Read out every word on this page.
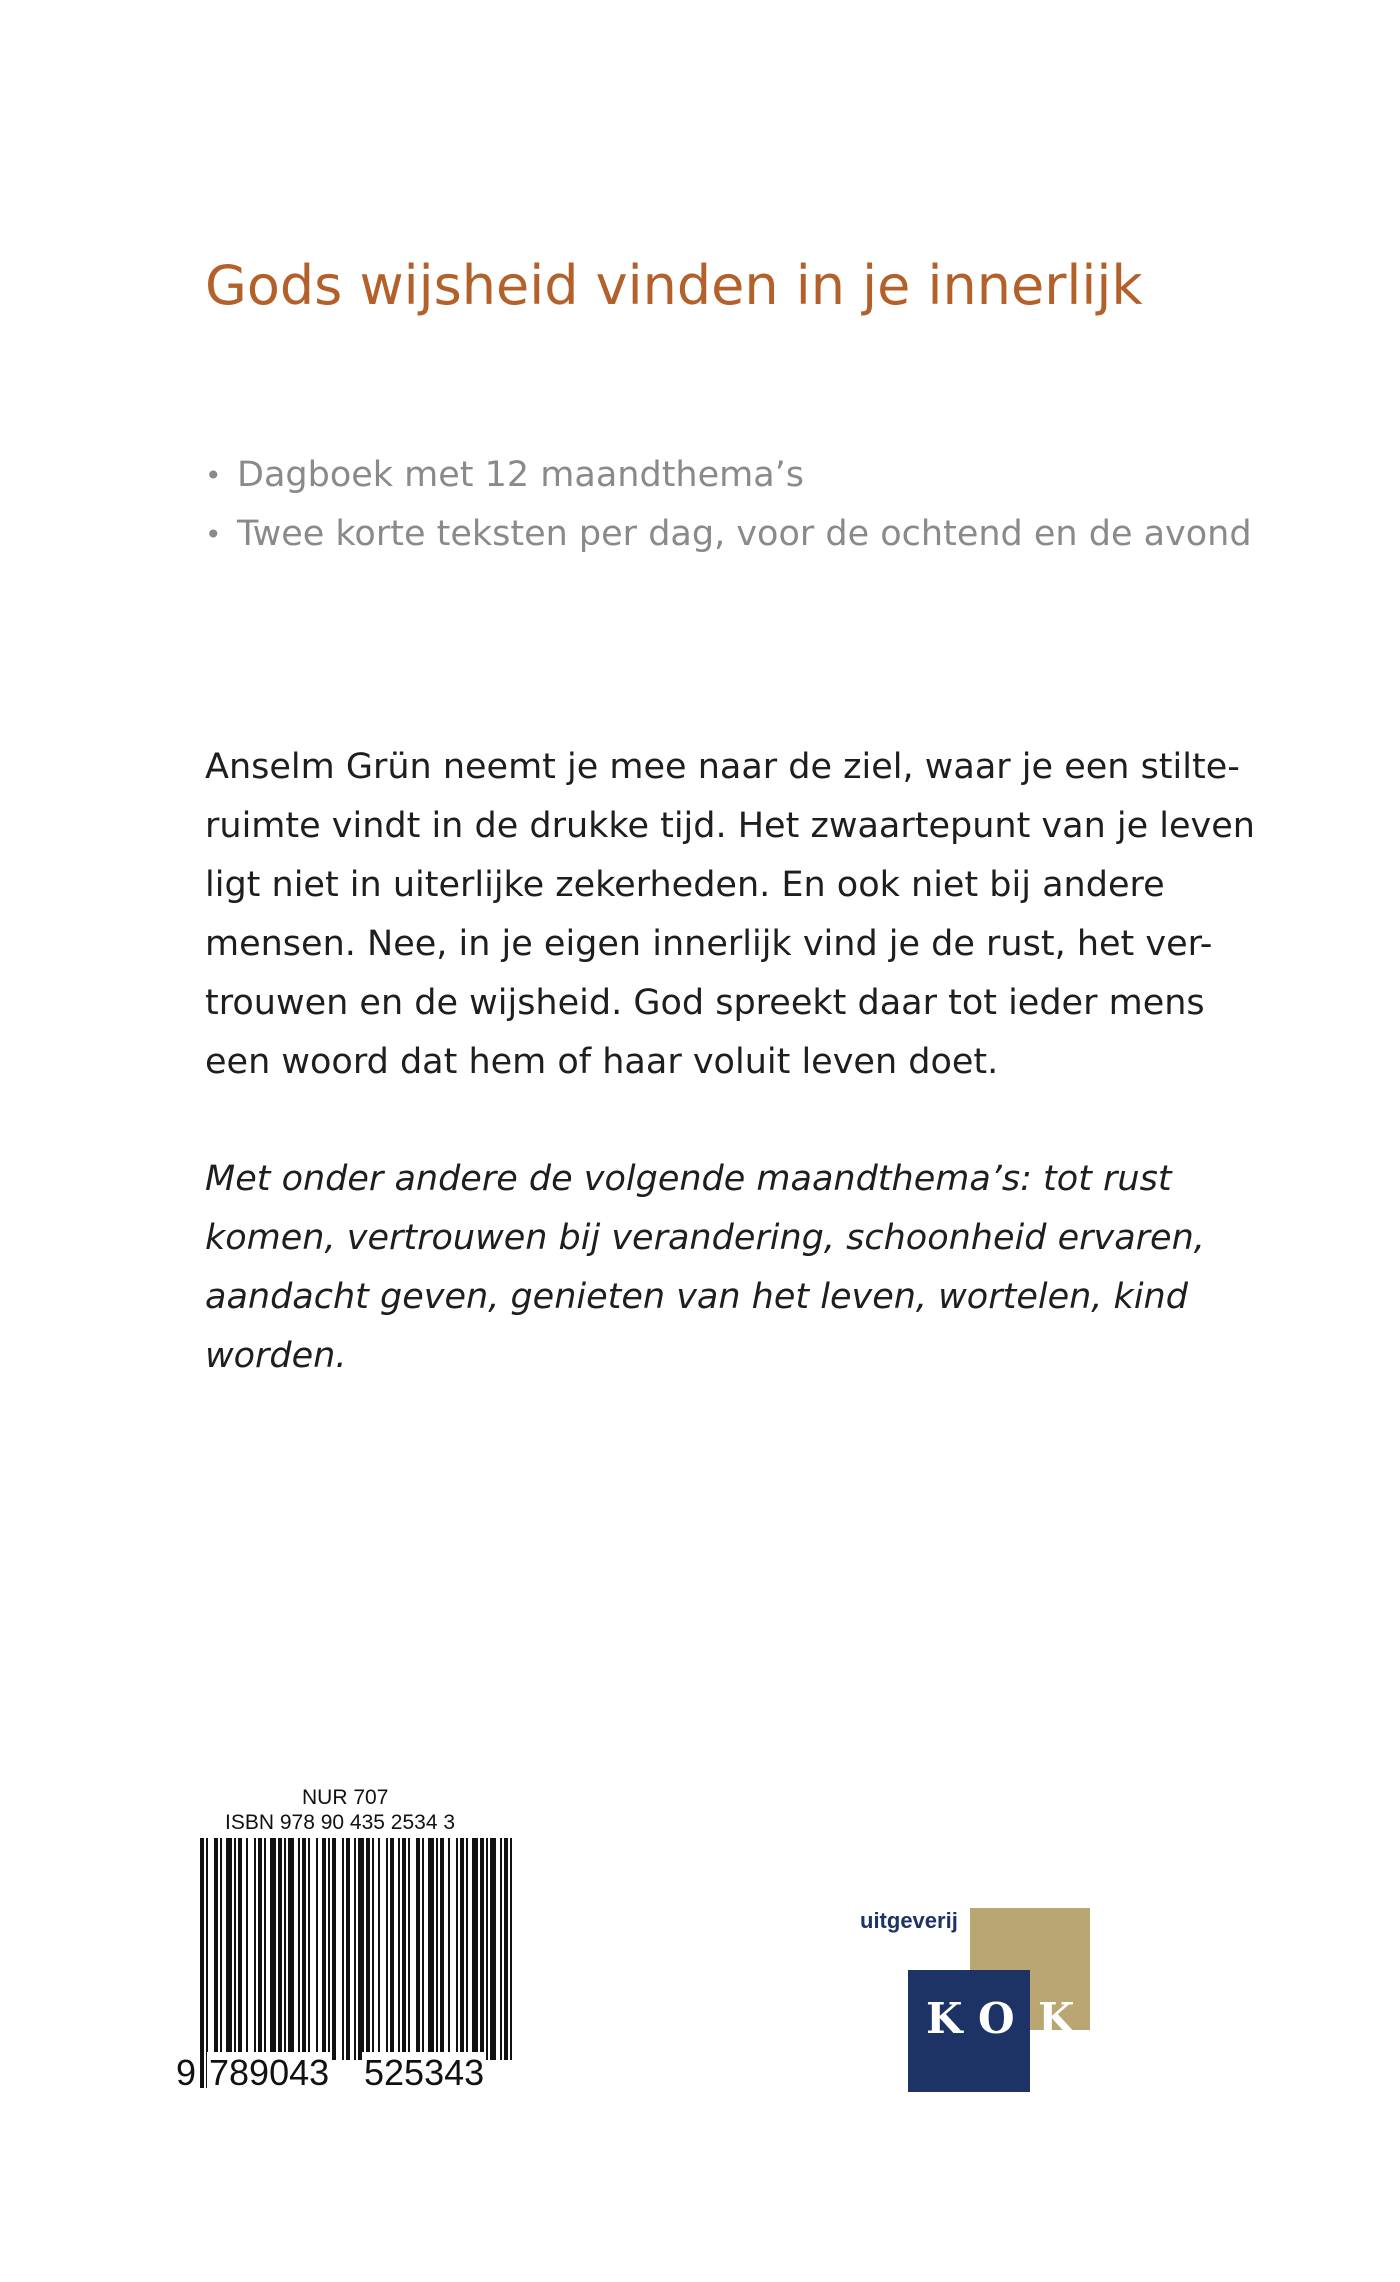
Gods wijsheid vinden in je innerlijk
• Dagboek met 12 maandthema’s
• Twee korte teksten per dag, voor de ochtend en de avond
Anselm Grün neemt je mee naar de ziel, waar je een stilte-
ruimte vindt in de drukke tijd. Het zwaartepunt van je leven
ligt niet in uiterlijke zekerheden. En ook niet bij andere
mensen. Nee, in je eigen innerlijk vind je de rust, het ver-
trouwen en de wijsheid. God spreekt daar tot ieder mens
een woord dat hem of haar voluit leven doet.
Met onder andere de volgende maandthema’s: tot rust
komen, vertrouwen bij verandering, schoonheid ervaren,
aandacht geven, genieten van het leven, wortelen, kind
worden.
NUR 707
ISBN 978 90 435 2534 3
9 789043 525343
uitgeverij
K O K
